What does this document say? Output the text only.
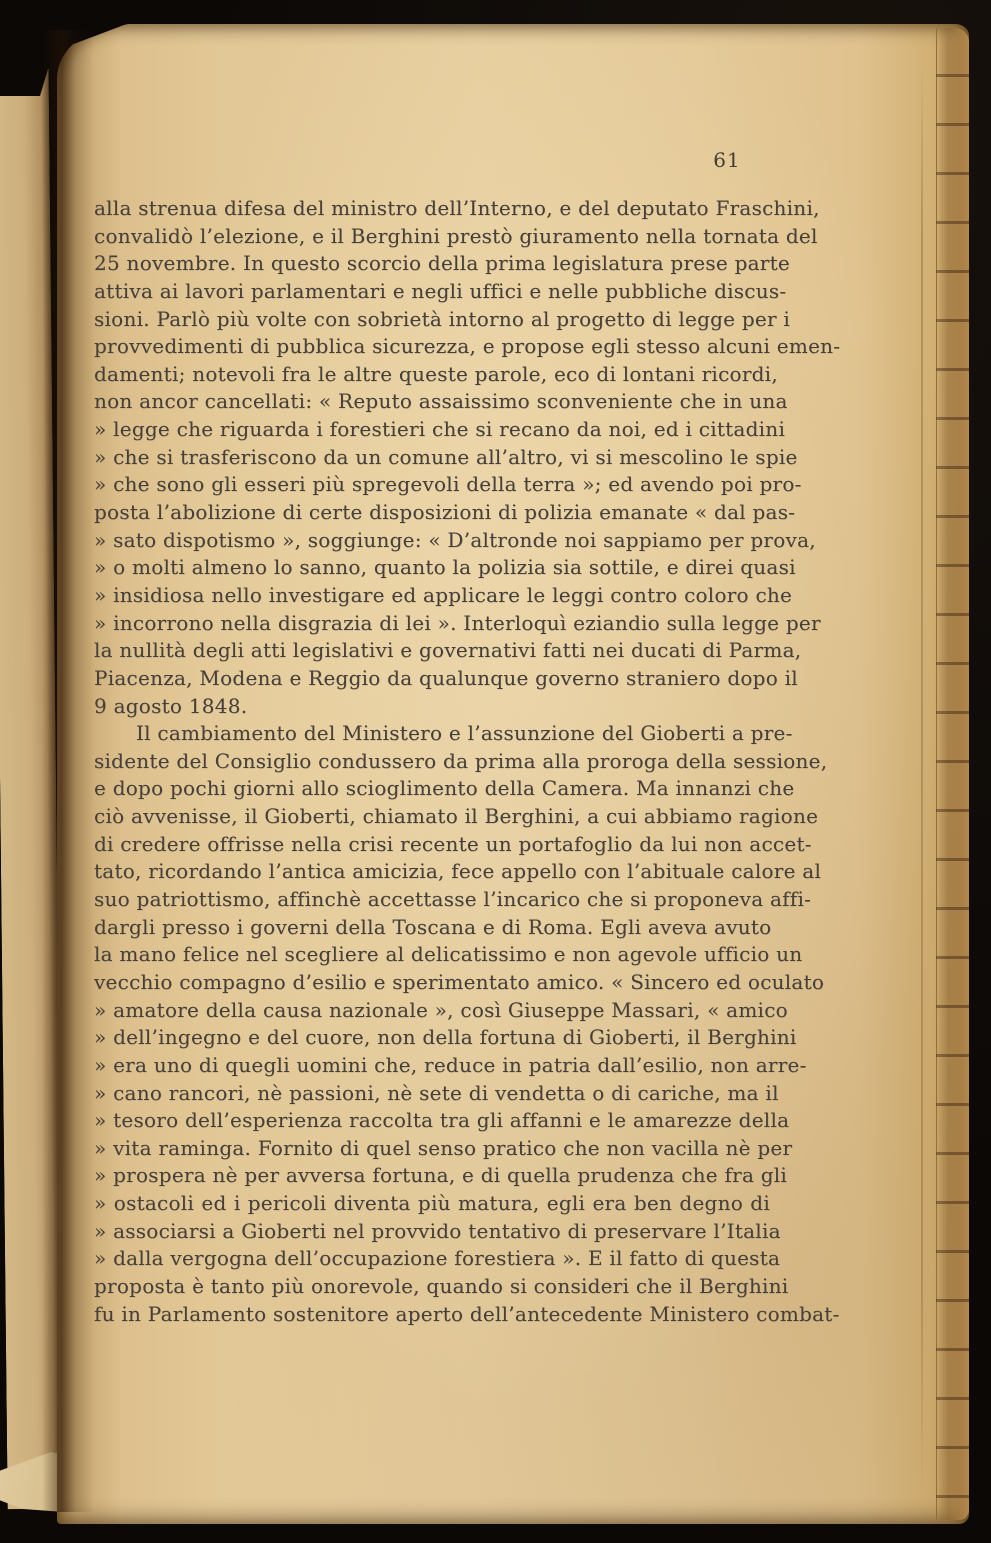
61
alla strenua difesa del ministro dell’Interno, e del deputato Fraschini,
convalidò l’elezione, e il Berghini prestò giuramento nella tornata del
25 novembre. In questo scorcio della prima legislatura prese parte
attiva ai lavori parlamentari e negli uffici e nelle pubbliche discus-
sioni. Parlò più volte con sobrietà intorno al progetto di legge per i
provvedimenti di pubblica sicurezza, e propose egli stesso alcuni emen-
damenti; notevoli fra le altre queste parole, eco di lontani ricordi,
non ancor cancellati: « Reputo assaissimo sconveniente che in una
» legge che riguarda i forestieri che si recano da noi, ed i cittadini
» che si trasferiscono da un comune all’altro, vi si mescolino le spie
» che sono gli esseri più spregevoli della terra »; ed avendo poi pro-
posta l’abolizione di certe disposizioni di polizia emanate « dal pas-
» sato dispotismo », soggiunge: « D’altronde noi sappiamo per prova,
» o molti almeno lo sanno, quanto la polizia sia sottile, e direi quasi
» insidiosa nello investigare ed applicare le leggi contro coloro che
» incorrono nella disgrazia di lei ». Interloquì eziandio sulla legge per
la nullità degli atti legislativi e governativi fatti nei ducati di Parma,
Piacenza, Modena e Reggio da qualunque governo straniero dopo il
9 agosto 1848.
Il cambiamento del Ministero e l’assunzione del Gioberti a pre-
sidente del Consiglio condussero da prima alla proroga della sessione,
e dopo pochi giorni allo scioglimento della Camera. Ma innanzi che
ciò avvenisse, il Gioberti, chiamato il Berghini, a cui abbiamo ragione
di credere offrisse nella crisi recente un portafoglio da lui non accet-
tato, ricordando l’antica amicizia, fece appello con l’abituale calore al
suo patriottismo, affinchè accettasse l’incarico che si proponeva affi-
dargli presso i governi della Toscana e di Roma. Egli aveva avuto
la mano felice nel scegliere al delicatissimo e non agevole ufficio un
vecchio compagno d’esilio e sperimentato amico. « Sincero ed oculato
» amatore della causa nazionale », così Giuseppe Massari, « amico
» dell’ingegno e del cuore, non della fortuna di Gioberti, il Berghini
» era uno di quegli uomini che, reduce in patria dall’esilio, non arre-
» cano rancori, nè passioni, nè sete di vendetta o di cariche, ma il
» tesoro dell’esperienza raccolta tra gli affanni e le amarezze della
» vita raminga. Fornito di quel senso pratico che non vacilla nè per
» prospera nè per avversa fortuna, e di quella prudenza che fra gli
» ostacoli ed i pericoli diventa più matura, egli era ben degno di
» associarsi a Gioberti nel provvido tentativo di preservare l’Italia
» dalla vergogna dell’occupazione forestiera ». E il fatto di questa
proposta è tanto più onorevole, quando si consideri che il Berghini
fu in Parlamento sostenitore aperto dell’antecedente Ministero combat-
